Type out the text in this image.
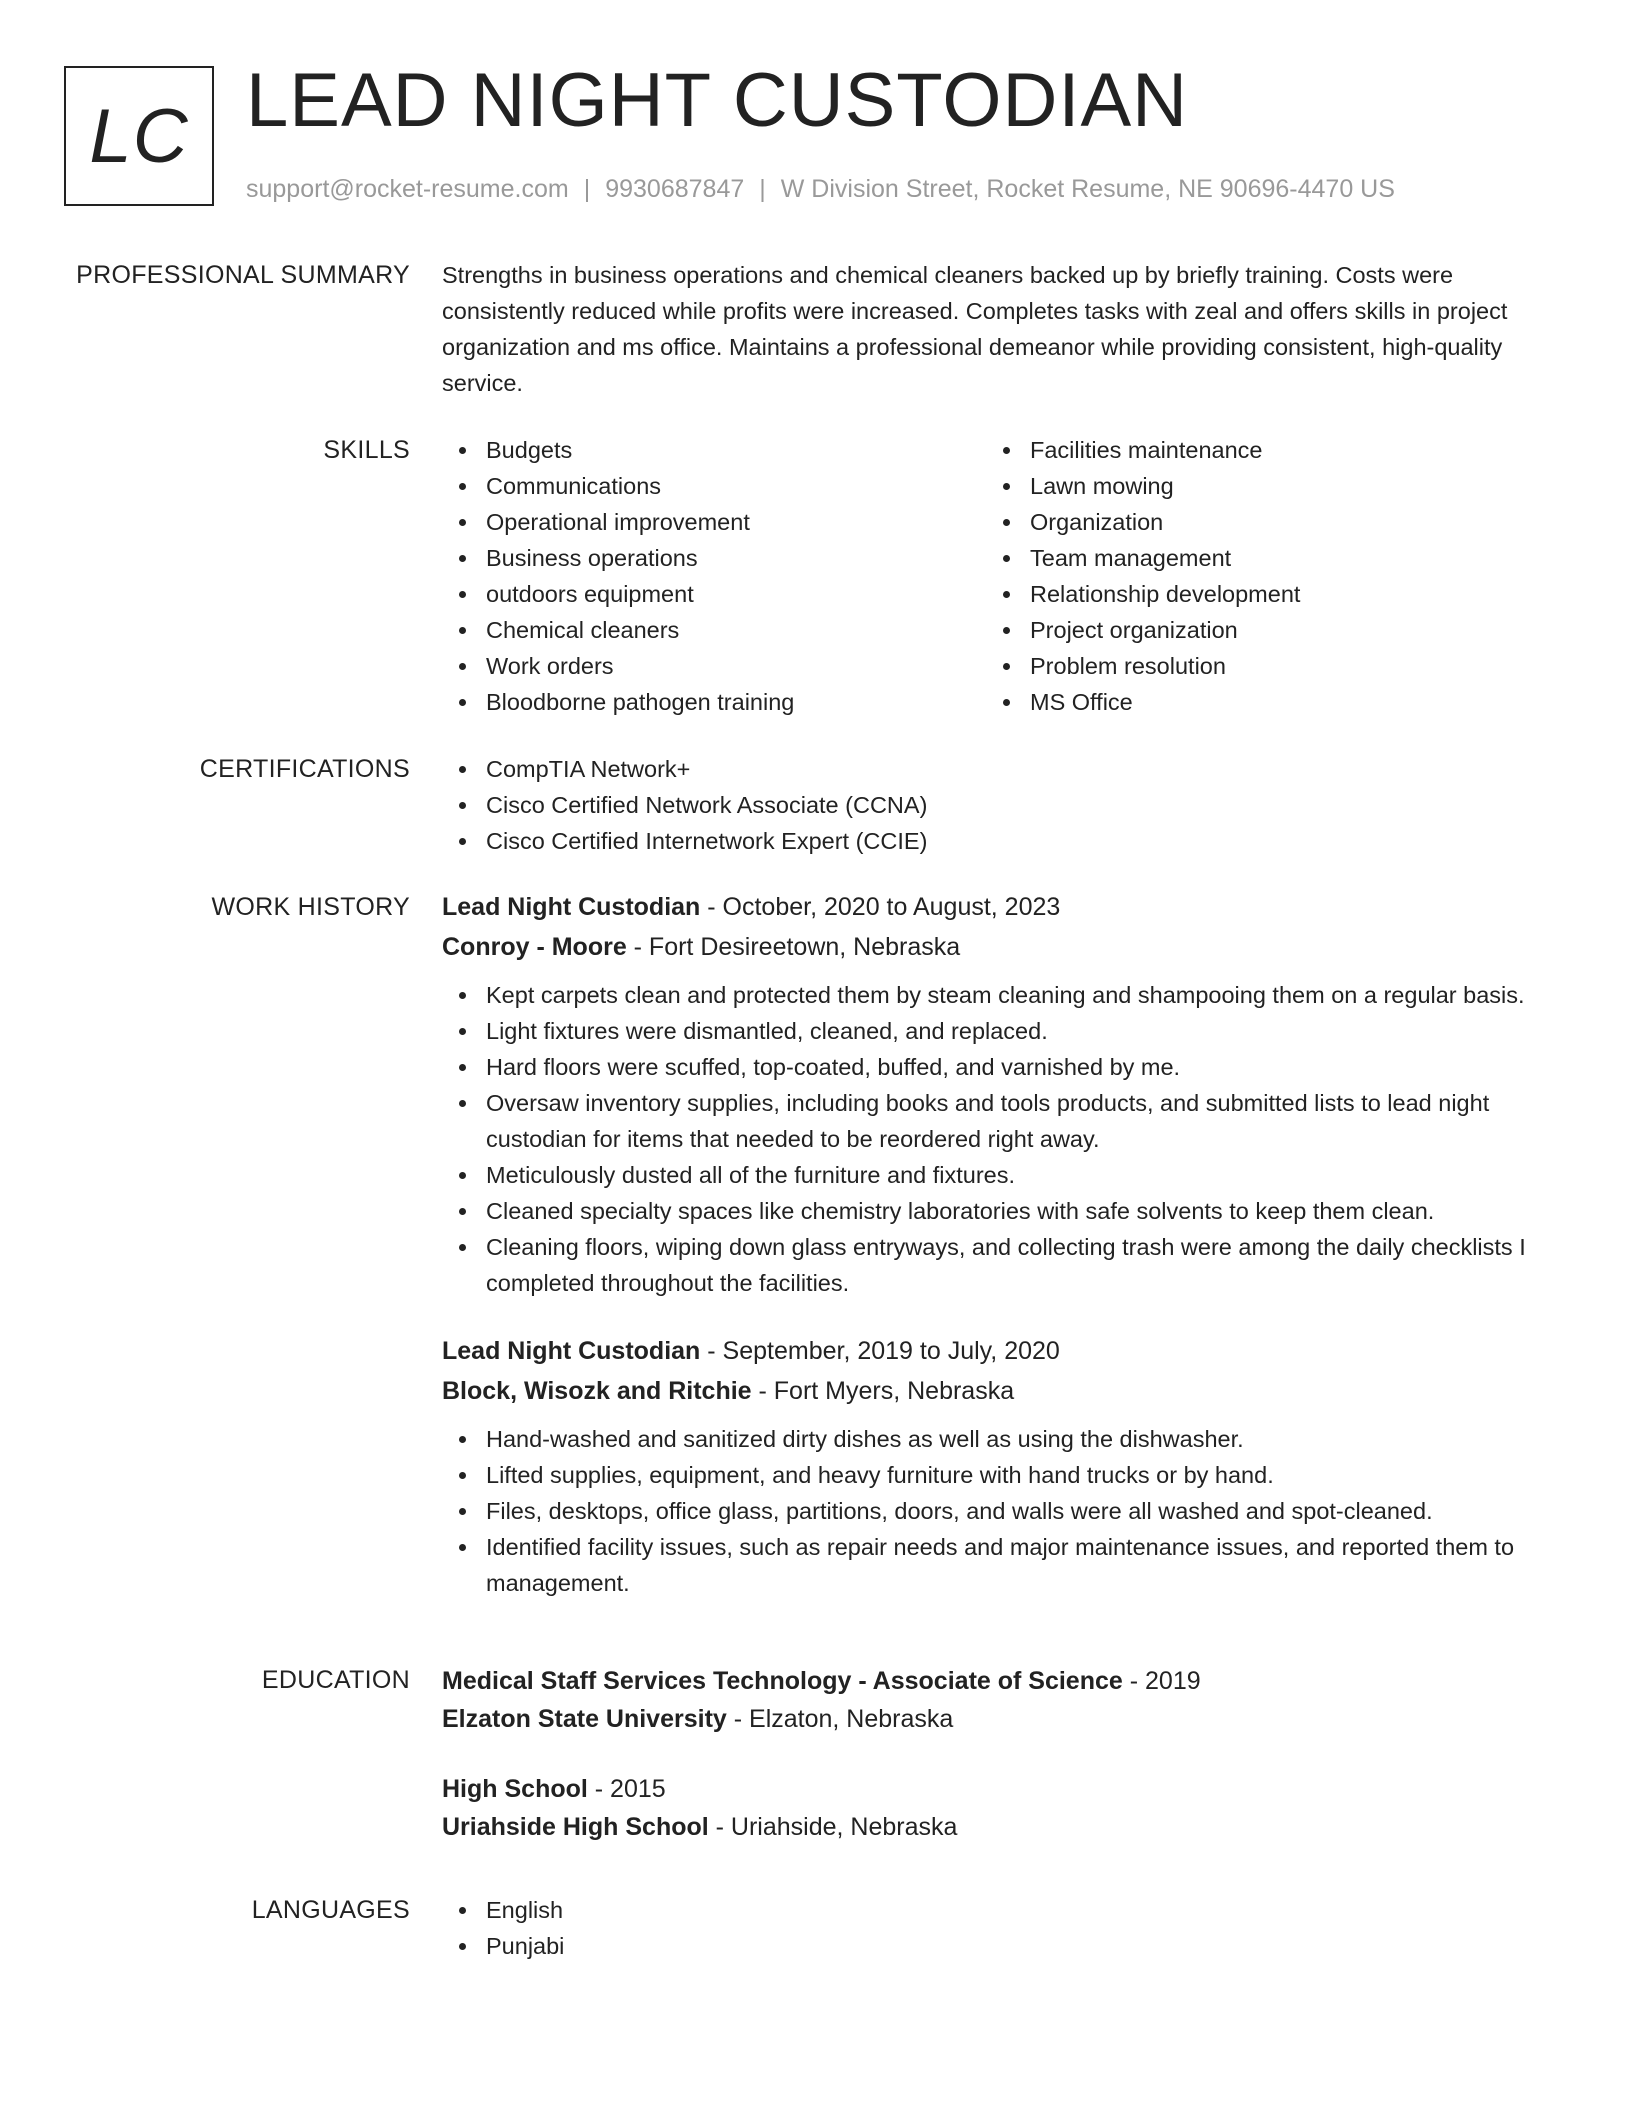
LC LEAD NIGHT CUSTODIAN
support@rocket-resume.com | 9930687847 | W Division Street, Rocket Resume, NE 90696-4470 US
PROFESSIONAL SUMMARY Strengths in business operations and chemical cleaners backed up by briefly training. Costs were consistently reduced while profits were increased. Completes tasks with zeal and offers skills in project organization and ms office. Maintains a professional demeanor while providing consistent, high-quality service.

SKILLS	Budgets
Communications
Operational improvement
Business operations
outdoors equipment
Chemical cleaners
Work orders
Bloodborne pathogen training
Facilities maintenance
Lawn mowing
Organization
Team management
Relationship development
Project organization
Problem resolution
MS Office
CERTIFICATIONS	CompTIA Network+
Cisco Certified Network Associate (CCNA)
Cisco Certified Internetwork Expert (CCIE)
WORK HISTORY Lead Night Custodian - October, 2020 to August, 2023

Conroy - Moore - Fort Desireetown, Nebraska

Kept carpets clean and protected them by steam cleaning and shampooing them on a regular basis.
Light fixtures were dismantled, cleaned, and replaced.
Hard floors were scuffed, top-coated, buffed, and varnished by me.
Oversaw inventory supplies, including books and tools products, and submitted lists to lead night custodian for items that needed to be reordered right away.
Meticulously dusted all of the furniture and fixtures.
Cleaned specialty spaces like chemistry laboratories with safe solvents to keep them clean.
Cleaning floors, wiping down glass entryways, and collecting trash were among the daily checklists I completed throughout the facilities.

Lead Night Custodian - September, 2019 to July, 2020

Block, Wisozk and Ritchie - Fort Myers, Nebraska

Hand-washed and sanitized dirty dishes as well as using the dishwasher.
Lifted supplies, equipment, and heavy furniture with hand trucks or by hand.
Files, desktops, office glass, partitions, doors, and walls were all washed and spot-cleaned.
Identified facility issues, such as repair needs and major maintenance issues, and reported them to management.
EDUCATION Medical Staff Services Technology - Associate of Science - 2019

Elzaton State University - Elzaton, Nebraska

High School - 2015

Uriahside High School - Uriahside, Nebraska

LANGUAGES	English
Punjabi
